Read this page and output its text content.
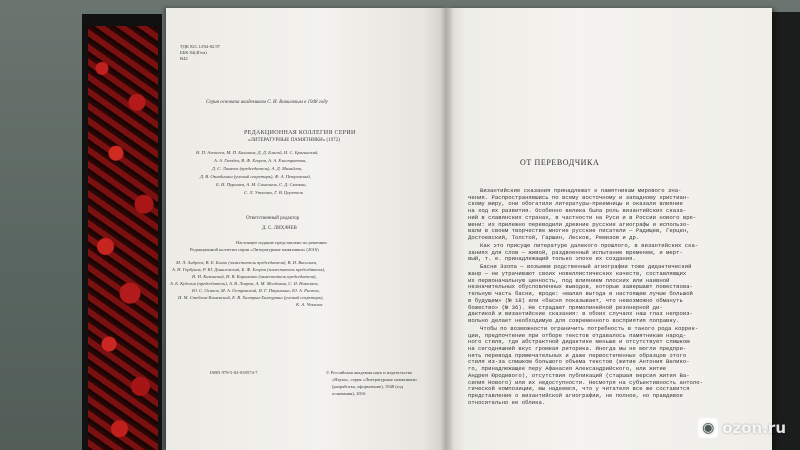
УДК 821.14'04-82.97
ББК 84(4Гем)
В42
Серия основана академиком С. И. Вавиловым в 1948 году
РЕДАКЦИОННАЯ КОЛЛЕГИЯ СЕРИИ
«ЛИТЕРАТУРНЫЕ ПАМЯТНИКИ» (1972)
Н. П. Алексеев, М. П. Балашов, Д. Д. Благой, И. С. Брагинский,
А. А. Гвоздев, В. Ф. Егоров, А. А. Елистратова,
Д. С. Лихачев (председатель), А. Д. Михайлов,
Д. В. Ознобишин (ученый секретарь), Ф. А. Петровский,
Б. И. Пуришев, А. М. Самсонов, С. Д. Сказкин,
С. Л. Утченко, Г. В. Церетели
Ответственный редактор
Д. С. ЛИХАЧЕВ
Настоящее издание представлено по решению
Редакционной коллегии серии «Литературные памятники» (2016)
М. Л. Андреев, В. Е. Багно (заместитель председателя), В. И. Васильев,
А. Н. Горбунов, Р. Ю. Данилевский, Б. Ф. Егоров (заместитель председателя),
Н. Н. Казанский, Н. В. Корниенко (заместитель председателя),
А. Б. Куделин (председатель), А. В. Лавров, А. М. Молдован, С. И. Николаев,
Ю. С. Осипов, М. А. Островский, И. Г. Птушкина, Ю. А. Рыжов,
И. М. Стеблин-Каменский, Е. В. Халтрин-Халтурина (ученый секретарь),
К. А. Чекалов
ISBN 978-5-02-039574-7	© Российская академия наук и издательство
«Наука», серия «Литературные памятники»
(разработка, оформление), 1948 (год
основания), 2016
ОТ ПЕРЕВОДЧИКА
Византийские сказания принадлежат к памятникам мирового зна-
чения. Распространявшись по всему восточному и западному христиан-
скому миру, они обогатили литературы-преемницы и оказали влияние
на ход их развития. Особенно велика была роль византийских сказа-
ний в славянских странах, в частности на Руси и в России нового вре-
мени: их прилежно переводили древние русские агиографы и использо-
вали в своем творчестве многие русские писатели — Радищев, Герцен,
Достоевский, Толстой, Гаршин, Лесков, Ремизов и др.
Как это присуще литературе далекого прошлого, в византийских ска-
заниях для слов — живой, раздвоенный испытание временем, и мерт-
вый, т. е. принадлежащий только эпохе их создания.
Басни Эзопа — возьмем родственный агиографии тоже дидактический
жанр — не утрачивают своих новеллистических качеств, составляющих
их первоначальную ценность, под влиянием плоских или наивной
незначительных обусловленных выводов, которые завершают повествова-
тельную часть басни, вроде: «малая выгода в настоящем лучше большой
в будущем» (№ 18) или «басня показывает, что невозможно обмануть
божество» (№ 36). Не страдают прямолинейной резонерной ди-
дактикой и византийские сказания: в обоих случаях наш глаз непроиз-
вольно делает необходимую для современного восприятия поправку.
Чтобы по возможности ограничить потребность в такого рода коррек-
ции, предпочтение при отборе текстов отдавалось памятникам народ-
ного стиля, где абстрактной дидактике меньше и отсутствует слишком
на сегодняшний вкус громкая риторика. Иногда мы не могли предпри-
нять перевода примечательных и даже первостепенных образцов этого
стиля из-за слишком большого объема текстов (житие Антония Велико-
го, принадлежащее перу Афанасия Александрийского, или житие
Андрея Юродивого), отсутствия публикаций (старшая версия жития Ва-
силия Нового) или их недоступности. Несмотря на субъективность антоло-
гической композиции, мы надеемся, что у читателя все же составится
представление о византийской агиографии, не полное, но правдивое
относительно ее облика.
◉ ozon.ru
